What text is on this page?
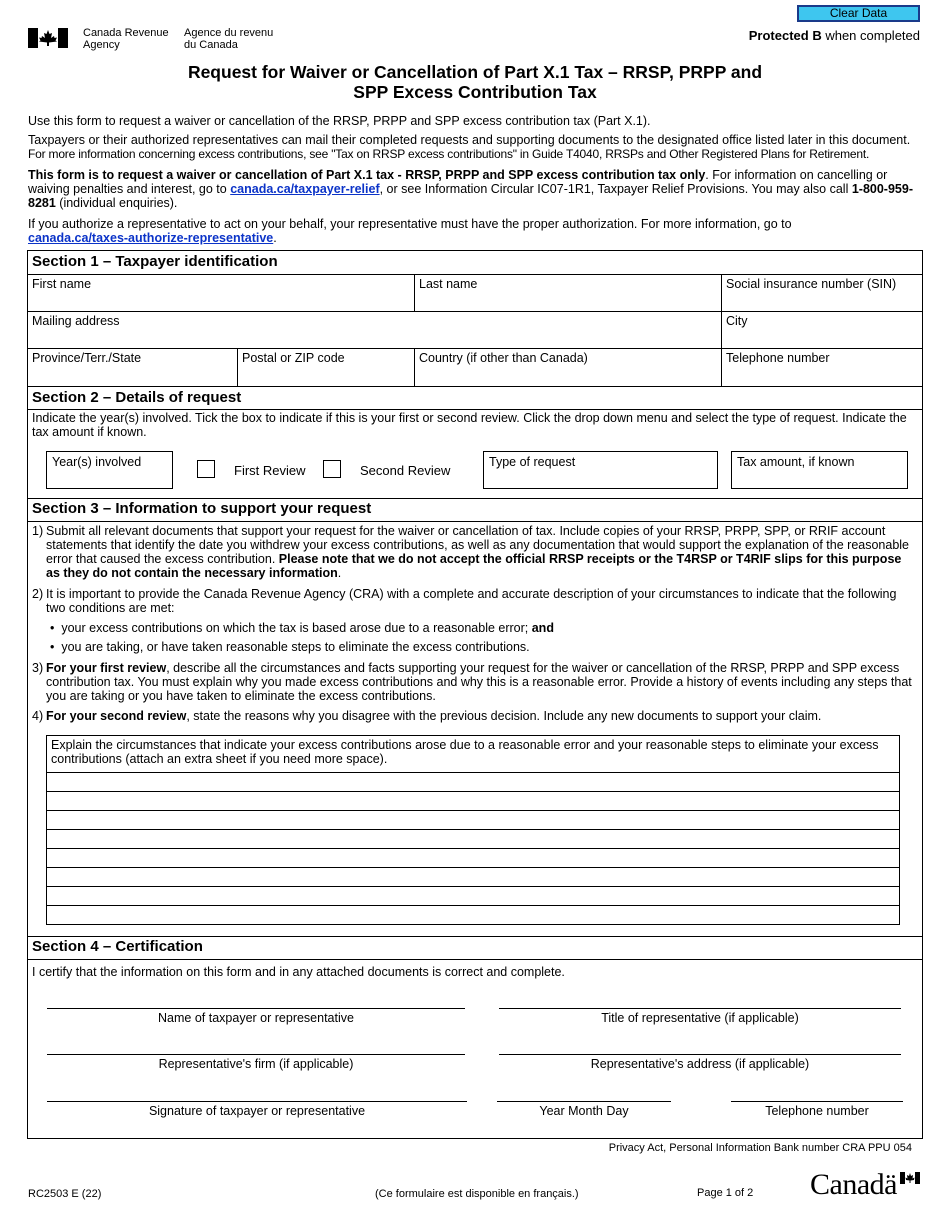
Clear Data
Canada Revenue
Agency
Agence du revenu
du Canada
Protected B when completed
Request for Waiver or Cancellation of Part X.1 Tax – RRSP, PRPP and
SPP Excess Contribution Tax
Use this form to request a waiver or cancellation of the RRSP, PRPP and SPP excess contribution tax (Part X.1).
Taxpayers or their authorized representatives can mail their completed requests and supporting documents to the designated office listed later in this document.
For more information concerning excess contributions, see "Tax on RRSP excess contributions" in Guide T4040, RRSPs and Other Registered Plans for Retirement.
This form is to request a waiver or cancellation of Part X.1 tax - RRSP, PRPP and SPP excess contribution tax only. For information on cancelling or waiving penalties and interest, go to canada.ca/taxpayer-relief, or see Information Circular IC07-1R1, Taxpayer Relief Provisions. You may also call 1-800-959-8281 (individual enquiries).
If you authorize a representative to act on your behalf, your representative must have the proper authorization. For more information, go to
canada.ca/taxes-authorize-representative.
Section 1 – Taxpayer identification
First name	Last name	Social insurance number (SIN)
Mailing address	City
Province/Terr./State	Postal or ZIP code	Country (if other than Canada)	Telephone number
Section 2 – Details of request
Indicate the year(s) involved. Tick the box to indicate if this is your first or second review. Click the drop down menu and select the type of request. Indicate the tax amount if known.
Year(s) involved
First Review	Second Review
Type of request	Tax amount, if known
Section 3 – Information to support your request
1) Submit all relevant documents that support your request for the waiver or cancellation of tax. Include copies of your RRSP, PRPP, SPP, or RRIF account statements that identify the date you withdrew your excess contributions, as well as any documentation that would support the explanation of the reasonable error that caused the excess contribution. Please note that we do not accept the official RRSP receipts or the T4RSP or T4RIF slips for this purpose as they do not contain the necessary information.
2) It is important to provide the Canada Revenue Agency (CRA) with a complete and accurate description of your circumstances to indicate that the following two conditions are met:
•  your excess contributions on which the tax is based arose due to a reasonable error; and
•  you are taking, or have taken reasonable steps to eliminate the excess contributions.
3) For your first review, describe all the circumstances and facts supporting your request for the waiver or cancellation of the RRSP, PRPP and SPP excess contribution tax. You must explain why you made excess contributions and why this is a reasonable error. Provide a history of events including any steps that you are taking or you have taken to eliminate the excess contributions.
4) For your second review, state the reasons why you disagree with the previous decision. Include any new documents to support your claim.
Explain the circumstances that indicate your excess contributions arose due to a reasonable error and your reasonable steps to eliminate your excess contributions (attach an extra sheet if you need more space).
Section 4 – Certification
I certify that the information on this form and in any attached documents is correct and complete.
Name of taxpayer or representative	Title of representative (if applicable)
Representative's firm (if applicable)	Representative's address (if applicable)
Signature of taxpayer or representative	Year Month Day	Telephone number
Privacy Act, Personal Information Bank number CRA PPU 054
RC2503 E (22)	(Ce formulaire est disponible en français.)	Page 1 of 2 Canadä
